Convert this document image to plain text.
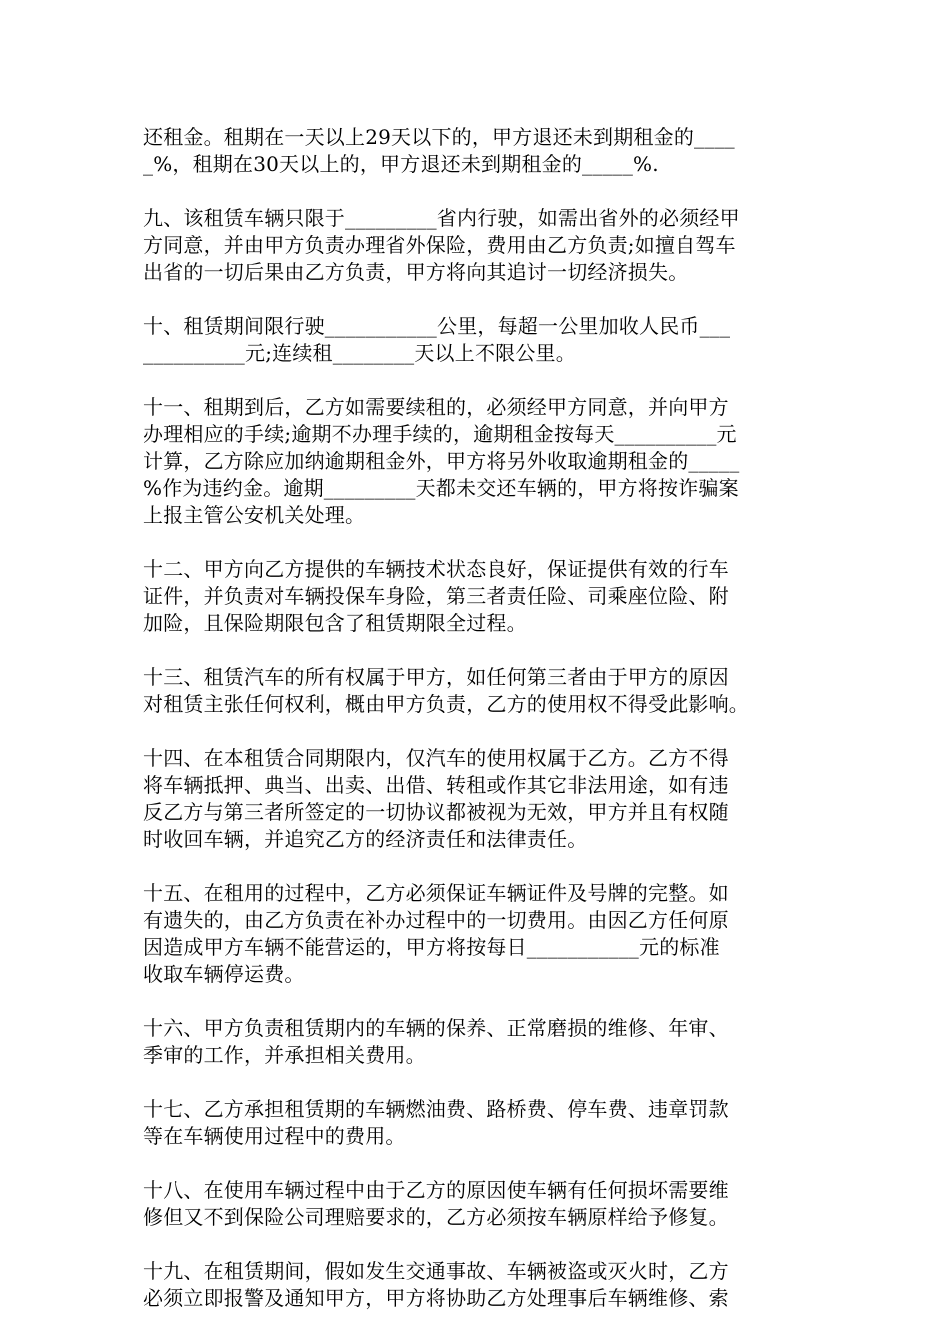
还租金。租期在一天以上29天以下的，甲方退还未到期租金的____
_%，租期在30天以上的，甲方退还未到期租金的_____%.
九、该租赁车辆只限于_________省内行驶，如需出省外的必须经甲
方同意，并由甲方负责办理省外保险，费用由乙方负责;如擅自驾车
出省的一切后果由乙方负责，甲方将向其追讨一切经济损失。
十、租赁期间限行驶___________公里，每超一公里加收人民币___
__________元;连续租________天以上不限公里。
十一、租期到后，乙方如需要续租的，必须经甲方同意，并向甲方
办理相应的手续;逾期不办理手续的，逾期租金按每天__________元
计算，乙方除应加纳逾期租金外，甲方将另外收取逾期租金的_____
%作为违约金。逾期_________天都未交还车辆的，甲方将按诈骗案
上报主管公安机关处理。
十二、甲方向乙方提供的车辆技术状态良好，保证提供有效的行车
证件，并负责对车辆投保车身险，第三者责任险、司乘座位险、附
加险，且保险期限包含了租赁期限全过程。
十三、租赁汽车的所有权属于甲方，如任何第三者由于甲方的原因
对租赁主张任何权利，概由甲方负责，乙方的使用权不得受此影响。
十四、在本租赁合同期限内，仅汽车的使用权属于乙方。乙方不得
将车辆抵押、典当、出卖、出借、转租或作其它非法用途，如有违
反乙方与第三者所签定的一切协议都被视为无效，甲方并且有权随
时收回车辆，并追究乙方的经济责任和法律责任。
十五、在租用的过程中，乙方必须保证车辆证件及号牌的完整。如
有遗失的，由乙方负责在补办过程中的一切费用。由因乙方任何原
因造成甲方车辆不能营运的，甲方将按每日___________元的标准
收取车辆停运费。
十六、甲方负责租赁期内的车辆的保养、正常磨损的维修、年审、
季审的工作，并承担相关费用。
十七、乙方承担租赁期的车辆燃油费、路桥费、停车费、违章罚款
等在车辆使用过程中的费用。
十八、在使用车辆过程中由于乙方的原因使车辆有任何损坏需要维
修但又不到保险公司理赔要求的，乙方必须按车辆原样给予修复。
十九、在租赁期间，假如发生交通事故、车辆被盗或灭火时，乙方
必须立即报警及通知甲方，甲方将协助乙方处理事后车辆维修、索
